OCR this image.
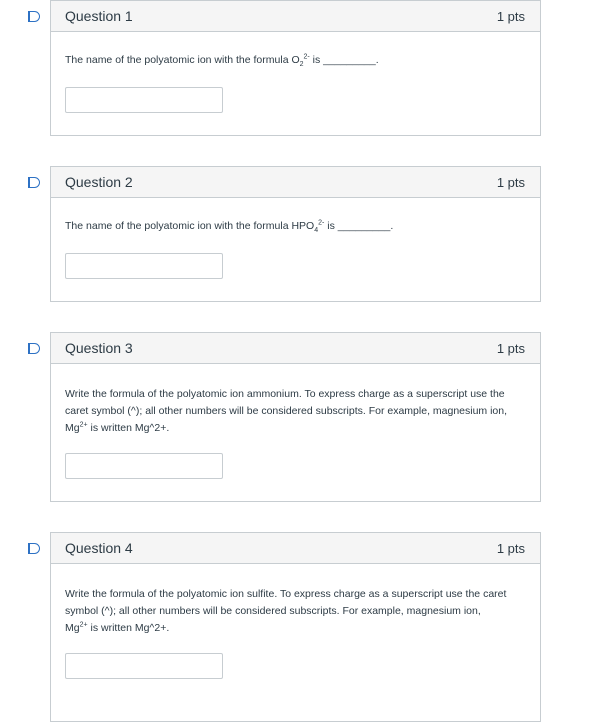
Question 1	1 pts
The name of the polyatomic ion with the formula $O_2^{2-}$ is _________.
Question 2	1 pts
The name of the polyatomic ion with the formula $HPO_4^{2-}$ is _________.
Question 3	1 pts
Write the formula of the polyatomic ion ammonium. To express charge as a superscript use the caret symbol (^); all other numbers will be considered subscripts. For example, magnesium ion,
$Mg^{2+}$ is written Mg^2+.
Question 4	1 pts
Write the formula of the polyatomic ion sulfite. To express charge as a superscript use the caret symbol (^); all other numbers will be considered subscripts. For example, magnesium ion,
$Mg^{2+}$ is written Mg^2+.
